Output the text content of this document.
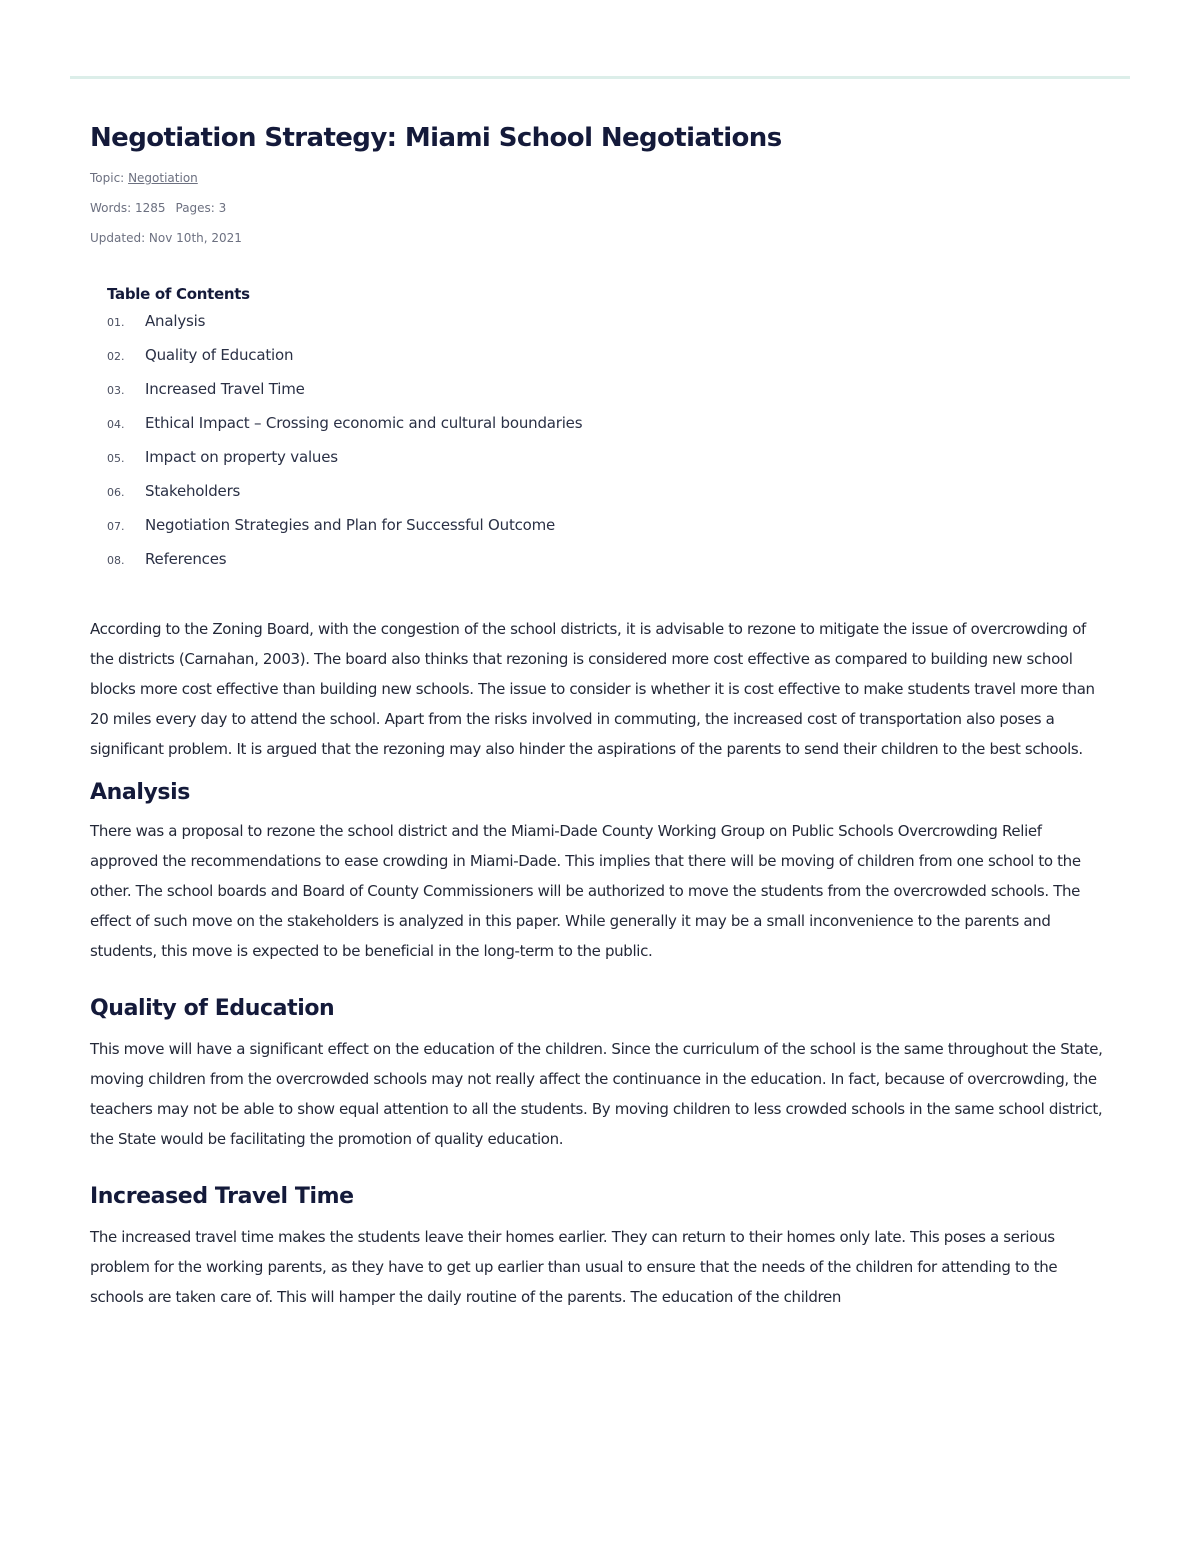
Negotiation Strategy: Miami School Negotiations

Topic: Negotiation

Words: 1285 Pages: 3

Updated: Nov 10th, 2021

Table of Contents
01.	Analysis
02.	Quality of Education
03.	Increased Travel Time
04.	Ethical Impact – Crossing economic and cultural boundaries
05.	Impact on property values
06.	Stakeholders
07.	Negotiation Strategies and Plan for Successful Outcome
08.	References

According to the Zoning Board, with the congestion of the school districts, it is advisable to rezone to mitigate the issue of overcrowding of the districts (Carnahan, 2003). The board also thinks that rezoning is considered more cost effective as compared to building new school blocks more cost effective than building new schools. The issue to consider is whether it is cost effective to make students travel more than 20 miles every day to attend the school. Apart from the risks involved in commuting, the increased cost of transportation also poses a significant problem. It is argued that the rezoning may also hinder the aspirations of the parents to send their children to the best schools.

Analysis

There was a proposal to rezone the school district and the Miami-Dade County Working Group on Public Schools Overcrowding Relief approved the recommendations to ease crowding in Miami-Dade. This implies that there will be moving of children from one school to the other. The school boards and Board of County Commissioners will be authorized to move the students from the overcrowded schools. The effect of such move on the stakeholders is analyzed in this paper. While generally it may be a small inconvenience to the parents and students, this move is expected to be beneficial in the long-term to the public.

Quality of Education

This move will have a significant effect on the education of the children. Since the curriculum of the school is the same throughout the State, moving children from the overcrowded schools may not really affect the continuance in the education. In fact, because of overcrowding, the teachers may not be able to show equal attention to all the students. By moving children to less crowded schools in the same school district, the State would be facilitating the promotion of quality education.

Increased Travel Time

The increased travel time makes the students leave their homes earlier. They can return to their homes only late. This poses a serious problem for the working parents, as they have to get up earlier than usual to ensure that the needs of the children for attending to the schools are taken care of. This will hamper the daily routine of the parents. The education of the children
